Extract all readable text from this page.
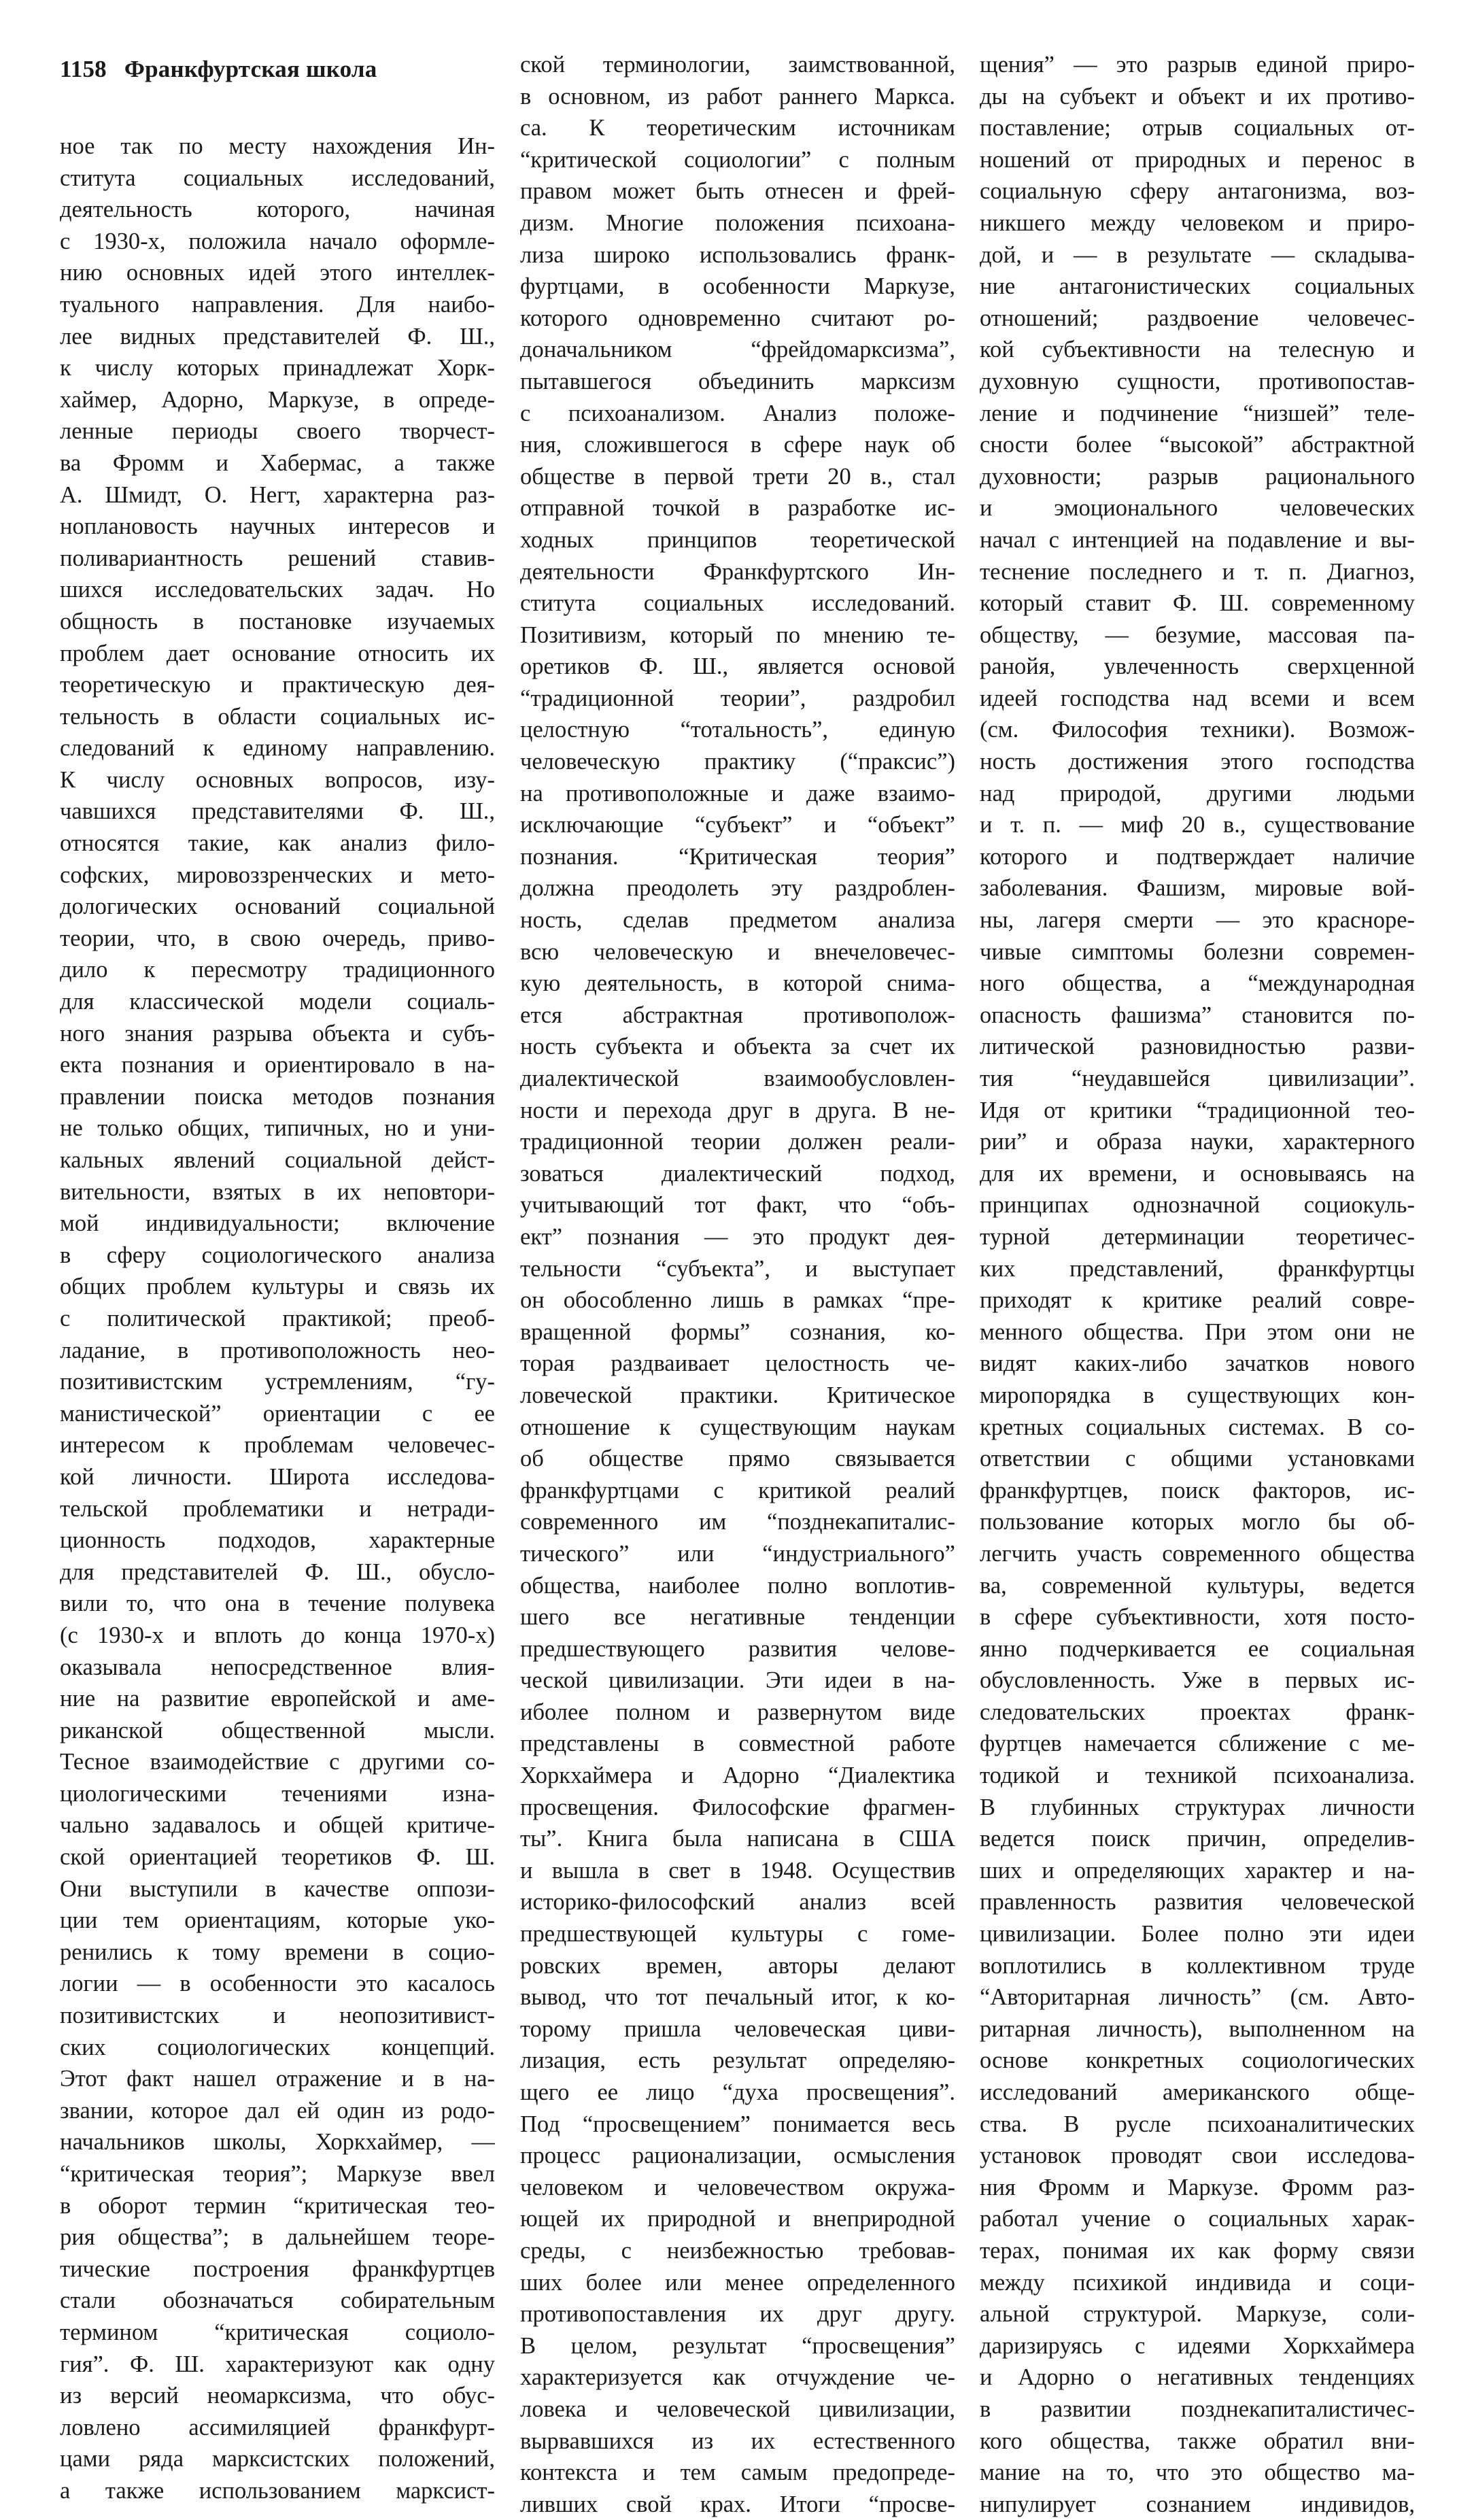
1158 Франкфуртская школа
ное так по месту нахождения Ин-
ститута социальных исследований,
деятельность которого, начиная
с 1930-х, положила начало оформле-
нию основных идей этого интеллек-
туального направления. Для наибо-
лее видных представителей Ф. Ш.,
к числу которых принадлежат Хорк-
хаймер, Адорно, Маркузе, в опреде-
ленные периоды своего творчест-
ва Фромм и Хабермас, а также
А. Шмидт, О. Негт, характерна раз-
ноплановость научных интересов и
поливариантность решений ставив-
шихся исследовательских задач. Но
общность в постановке изучаемых
проблем дает основание относить их
теоретическую и практическую дея-
тельность в области социальных ис-
следований к единому направлению.
К числу основных вопросов, изу-
чавшихся представителями Ф. Ш.,
относятся такие, как анализ фило-
софских, мировоззренческих и мето-
дологических оснований социальной
теории, что, в свою очередь, приво-
дило к пересмотру традиционного
для классической модели социаль-
ного знания разрыва объекта и субъ-
екта познания и ориентировало в на-
правлении поиска методов познания
не только общих, типичных, но и уни-
кальных явлений социальной дейст-
вительности, взятых в их неповтори-
мой индивидуальности; включение
в сферу социологического анализа
общих проблем культуры и связь их
с политической практикой; преоб-
ладание, в противоположность нео-
позитивистским устремлениям, “гу-
манистической” ориентации с ее
интересом к проблемам человечес-
кой личности. Широта исследова-
тельской проблематики и нетради-
ционность подходов, характерные
для представителей Ф. Ш., обусло-
вили то, что она в течение полувека
(с 1930-х и вплоть до конца 1970-х)
оказывала непосредственное влия-
ние на развитие европейской и аме-
риканской общественной мысли.
Тесное взаимодействие с другими со-
циологическими течениями изна-
чально задавалось и общей критиче-
ской ориентацией теоретиков Ф. Ш.
Они выступили в качестве оппози-
ции тем ориентациям, которые уко-
ренились к тому времени в социо-
логии — в особенности это касалось
позитивистских и неопозитивист-
ских социологических концепций.
Этот факт нашел отражение и в на-
звании, которое дал ей один из родо-
начальников школы, Хоркхаймер, —
“критическая теория”; Маркузе ввел
в оборот термин “критическая тео-
рия общества”; в дальнейшем теоре-
тические построения франкфуртцев
стали обозначаться собирательным
термином “критическая социоло-
гия”. Ф. Ш. характеризуют как одну
из версий неомарксизма, что обус-
ловлено ассимиляцией франкфурт-
цами ряда марксистских положений,
а также использованием марксист-
ской терминологии, заимствованной,
в основном, из работ раннего Маркса.
са. К теоретическим источникам
“критической социологии” с полным
правом может быть отнесен и фрей-
дизм. Многие положения психоана-
лиза широко использовались франк-
фуртцами, в особенности Маркузе,
которого одновременно считают ро-
доначальником “фрейдомарксизма”,
пытавшегося объединить марксизм
с психоанализом. Анализ положе-
ния, сложившегося в сфере наук об
обществе в первой трети 20 в., стал
отправной точкой в разработке ис-
ходных принципов теоретической
деятельности Франкфуртского Ин-
ститута социальных исследований.
Позитивизм, который по мнению те-
оретиков Ф. Ш., является основой
“традиционной теории”, раздробил
целостную “тотальность”, единую
человеческую практику (“праксис”)
на противоположные и даже взаимо-
исключающие “субъект” и “объект”
познания. “Критическая теория”
должна преодолеть эту раздроблен-
ность, сделав предметом анализа
всю человеческую и внечеловечес-
кую деятельность, в которой снима-
ется абстрактная противополож-
ность субъекта и объекта за счет их
диалектической взаимообусловлен-
ности и перехода друг в друга. В не-
традиционной теории должен реали-
зоваться диалектический подход,
учитывающий тот факт, что “объ-
ект” познания — это продукт дея-
тельности “субъекта”, и выступает
он обособленно лишь в рамках “пре-
вращенной формы” сознания, ко-
торая раздваивает целостность че-
ловеческой практики. Критическое
отношение к существующим наукам
об обществе прямо связывается
франкфуртцами с критикой реалий
современного им “позднекапиталис-
тического” или “индустриального”
общества, наиболее полно воплотив-
шего все негативные тенденции
предшествующего развития челове-
ческой цивилизации. Эти идеи в на-
иболее полном и развернутом виде
представлены в совместной работе
Хоркхаймера и Адорно “Диалектика
просвещения. Философские фрагмен-
ты”. Книга была написана в США
и вышла в свет в 1948. Осуществив
историко-философский анализ всей
предшествующей культуры с гоме-
ровских времен, авторы делают
вывод, что тот печальный итог, к ко-
торому пришла человеческая циви-
лизация, есть результат определяю-
щего ее лицо “духа просвещения”.
Под “просвещением” понимается весь
процесс рационализации, осмысления
человеком и человечеством окружа-
ющей их природной и внеприродной
среды, с неизбежностью требовав-
ших более или менее определенного
противопоставления их друг другу.
В целом, результат “просвещения”
характеризуется как отчуждение че-
ловека и человеческой цивилизации,
вырвавшихся из их естественного
контекста и тем самым предопреде-
ливших свой крах. Итоги “просве-
щения” — это разрыв единой приро-
ды на субъект и объект и их противо-
поставление; отрыв социальных от-
ношений от природных и перенос в
социальную сферу антагонизма, воз-
никшего между человеком и приро-
дой, и — в результате — складыва-
ние антагонистических социальных
отношений; раздвоение человечес-
кой субъективности на телесную и
духовную сущности, противопостав-
ление и подчинение “низшей” теле-
сности более “высокой” абстрактной
духовности; разрыв рационального
и эмоционального человеческих
начал с интенцией на подавление и вы-
теснение последнего и т. п. Диагноз,
который ставит Ф. Ш. современному
обществу, — безумие, массовая па-
ранойя, увлеченность сверхценной
идеей господства над всеми и всем
(см. Философия техники). Возмож-
ность достижения этого господства
над природой, другими людьми
и т. п. — миф 20 в., существование
которого и подтверждает наличие
заболевания. Фашизм, мировые вой-
ны, лагеря смерти — это красноре-
чивые симптомы болезни современ-
ного общества, а “международная
опасность фашизма” становится по-
литической разновидностью разви-
тия “неудавшейся цивилизации”.
Идя от критики “традиционной тео-
рии” и образа науки, характерного
для их времени, и основываясь на
принципах однозначной социокуль-
турной детерминации теоретичес-
ких представлений, франкфуртцы
приходят к критике реалий совре-
менного общества. При этом они не
видят каких-либо зачатков нового
миропорядка в существующих кон-
кретных социальных системах. В со-
ответствии с общими установками
франкфуртцев, поиск факторов, ис-
пользование которых могло бы об-
легчить участь современного общества
ва, современной культуры, ведется
в сфере субъективности, хотя посто-
янно подчеркивается ее социальная
обусловленность. Уже в первых ис-
следовательских проектах франк-
фуртцев намечается сближение с ме-
тодикой и техникой психоанализа.
В глубинных структурах личности
ведется поиск причин, определив-
ших и определяющих характер и на-
правленность развития человеческой
цивилизации. Более полно эти идеи
воплотились в коллективном труде
“Авторитарная личность” (см. Авто-
ритарная личность), выполненном на
основе конкретных социологических
исследований американского обще-
ства. В русле психоаналитических
установок проводят свои исследова-
ния Фромм и Маркузе. Фромм раз-
работал учение о социальных харак-
терах, понимая их как форму связи
между психикой индивида и соци-
альной структурой. Маркузе, соли-
даризируясь с идеями Хоркхаймера
и Адорно о негативных тенденциях
в развитии позднекапиталистичес-
кого общества, также обратил вни-
мание на то, что это общество ма-
нипулирует сознанием индивидов,
